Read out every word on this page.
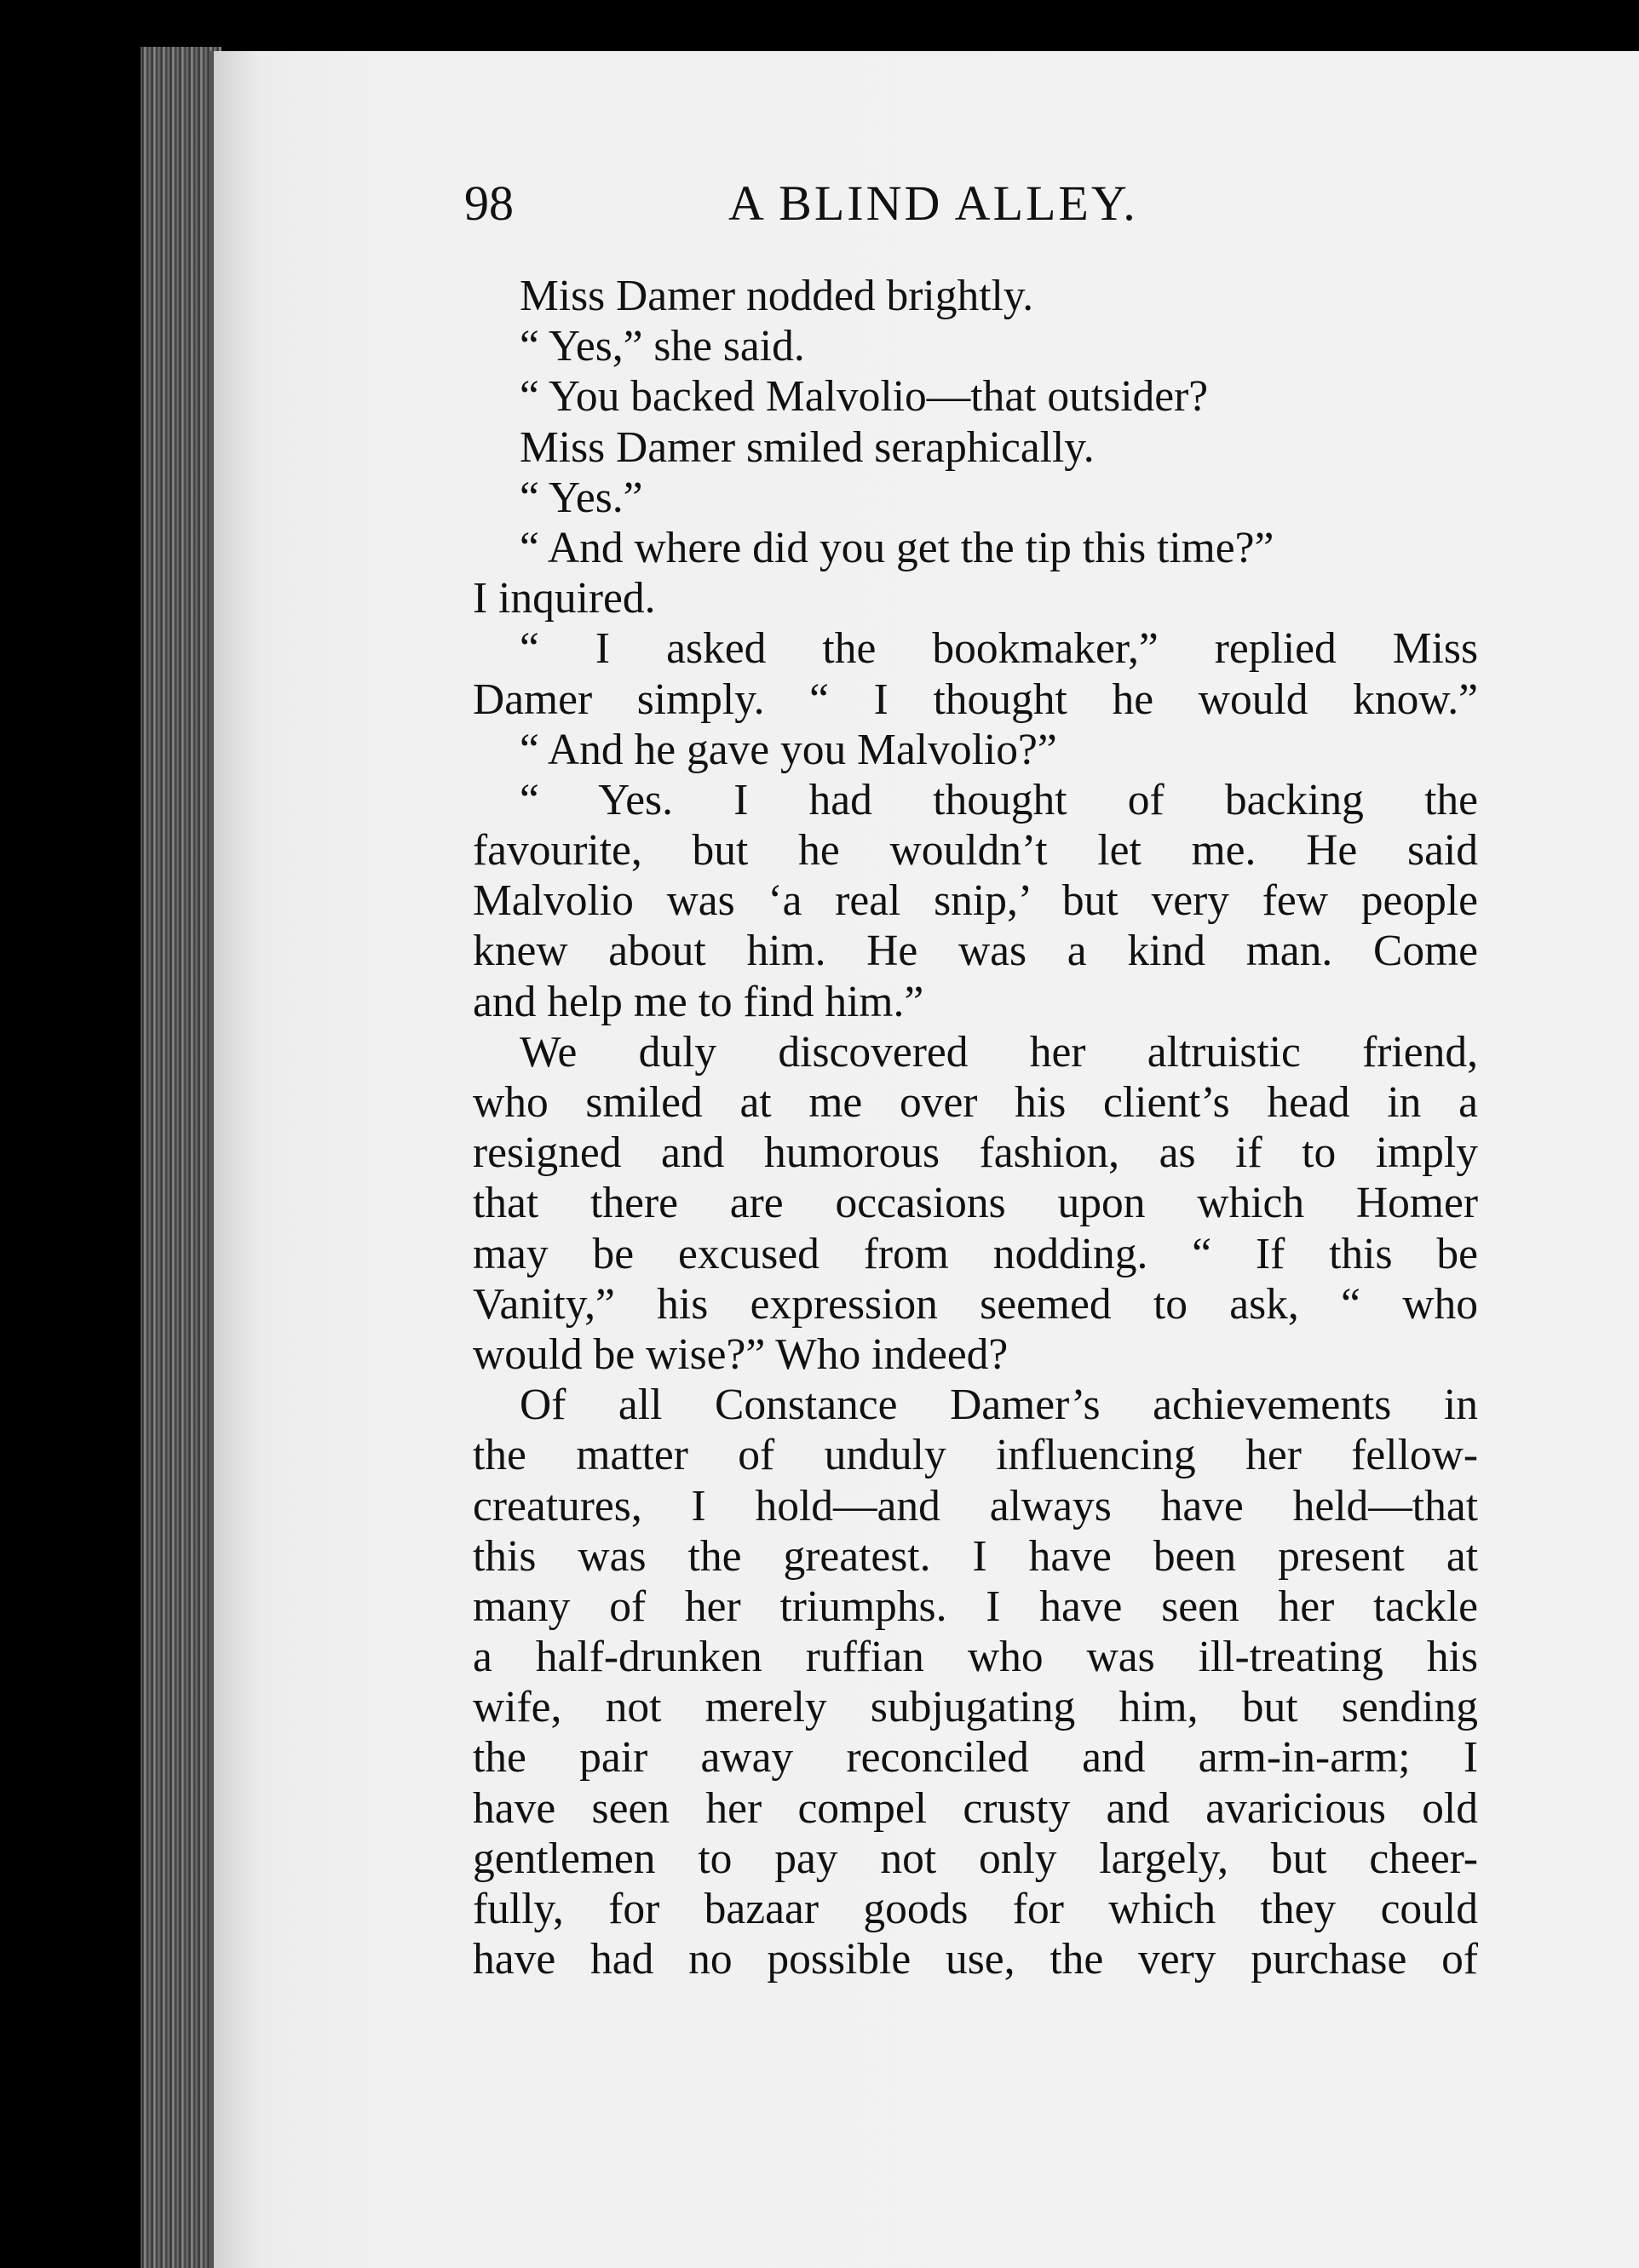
98	A BLIND ALLEY.
Miss Damer nodded brightly.
“ Yes,” she said.
“ You backed Malvolio—that outsider?
Miss Damer smiled seraphically.
“ Yes.”
“ And where did you get the tip this time?”
I inquired.
“ I asked the bookmaker,” replied Miss
Damer simply. “ I thought he would know.”
“ And he gave you Malvolio?”
“ Yes. I had thought of backing the
favourite, but he wouldn’t let me. He said
Malvolio was ‘a real snip,’ but very few people
knew about him. He was a kind man. Come
and help me to find him.”
We duly discovered her altruistic friend,
who smiled at me over his client’s head in a
resigned and humorous fashion, as if to imply
that there are occasions upon which Homer
may be excused from nodding. “ If this be
Vanity,” his expression seemed to ask, “ who
would be wise?” Who indeed?
Of all Constance Damer’s achievements in
the matter of unduly influencing her fellow-
creatures, I hold—and always have held—that
this was the greatest. I have been present at
many of her triumphs. I have seen her tackle
a half-drunken ruffian who was ill-treating his
wife, not merely subjugating him, but sending
the pair away reconciled and arm-in-arm; I
have seen her compel crusty and avaricious old
gentlemen to pay not only largely, but cheer-
fully, for bazaar goods for which they could
have had no possible use, the very purchase of
